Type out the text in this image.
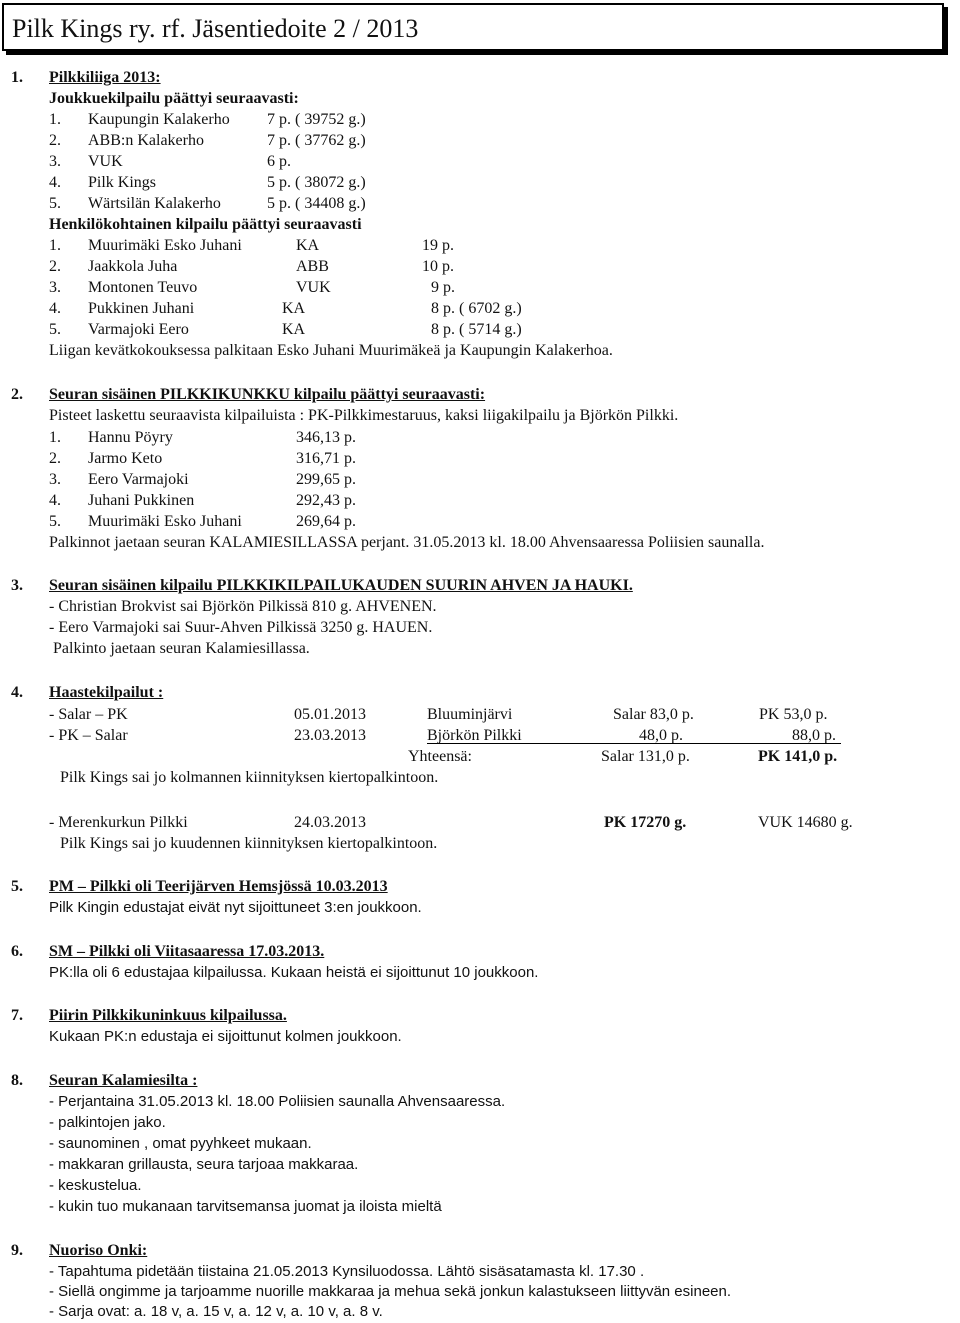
Pilk Kings ry. rf. Jäsentiedoite 2 / 2013
1. Pilkkiliiga 2013:
Joukkuekilpailu päättyi seuraavasti:
1. Kaupungin Kalakerho 7 p. ( 39752 g.)
2. ABB:n Kalakerho	7 p. ( 37762 g.)
3. VUK	6 p.
4. Pilk Kings	5 p. ( 38072 g.)
5. Wärtsilän Kalakerho	5 p. ( 34408 g.)
Henkilökohtainen kilpailu päättyi seuraavasti
1. Muurimäki Esko Juhani	KA	19 p.
2. Jaakkola Juha	ABB	10 p.
3. Montonen Teuvo	VUK	9 p.
4. Pukkinen Juhani	KA	8 p. ( 6702 g.)
5. Varmajoki Eero	KA	8 p. ( 5714 g.)
Liigan kevätkokouksessa palkitaan Esko Juhani Muurimäkeä ja Kaupungin Kalakerhoa.
2. Seuran sisäinen PILKKIKUNKKU kilpailu päättyi seuraavasti:
Pisteet laskettu seuraavista kilpailuista : PK-Pilkkimestaruus, kaksi liigakilpailu ja Björkön Pilkki.
1. Hannu Pöyry	346,13 p.
2. Jarmo Keto	316,71 p.
3. Eero Varmajoki	299,65 p.
4. Juhani Pukkinen	292,43 p.
5. Muurimäki Esko Juhani	269,64 p.
Palkinnot jaetaan seuran KALAMIESILLASSA perjant. 31.05.2013 kl. 18.00 Ahvensaaressa Poliisien saunalla.
3. Seuran sisäinen kilpailu PILKKIKILPAILUKAUDEN SUURIN AHVEN JA HAUKI.
- Christian Brokvist sai Björkön Pilkissä 810 g. AHVENEN.
- Eero Varmajoki sai Suur-Ahven Pilkissä 3250 g. HAUEN.
Palkinto jaetaan seuran Kalamiesillassa.
4. Haastekilpailut :
- Salar – PK	05.01.2013	Bluuminjärvi	Salar 83,0 p.	PK 53,0 p.
- PK – Salar	23.03.2013	Björkön Pilkki	48,0 p.	88,0 p.
Yhteensä:	Salar 131,0 p.	PK 141,0 p.
Pilk Kings sai jo kolmannen kiinnityksen kiertopalkintoon.
- Merenkurkun Pilkki	24.03.2013	PK 17270 g.	VUK 14680 g.
Pilk Kings sai jo kuudennen kiinnityksen kiertopalkintoon.
5. PM – Pilkki oli Teerijärven Hemsjössä 10.03.2013
Pilk Kingin edustajat eivät nyt sijoittuneet 3:en joukkoon.
6. SM – Pilkki oli Viitasaaressa 17.03.2013.
PK:lla oli 6 edustajaa kilpailussa. Kukaan heistä ei sijoittunut 10 joukkoon.
7. Piirin Pilkkikuninkuus kilpailussa.
Kukaan PK:n edustaja ei sijoittunut kolmen joukkoon.
8. Seuran Kalamiesilta :
- Perjantaina 31.05.2013 kl. 18.00 Poliisien saunalla Ahvensaaressa.
- palkintojen jako.
- saunominen , omat pyyhkeet mukaan.
- makkaran grillausta, seura tarjoaa makkaraa.
- keskustelua.
- kukin tuo mukanaan tarvitsemansa juomat ja iloista mieltä
9. Nuoriso Onki:
- Tapahtuma pidetään tiistaina 21.05.2013 Kynsiluodossa. Lähtö sisäsatamasta kl. 17.30 .
- Siellä ongimme ja tarjoamme nuorille makkaraa ja mehua sekä jonkun kalastukseen liittyvän esineen.
- Sarja ovat: a. 18 v, a. 15 v, a. 12 v, a. 10 v, a. 8 v.
